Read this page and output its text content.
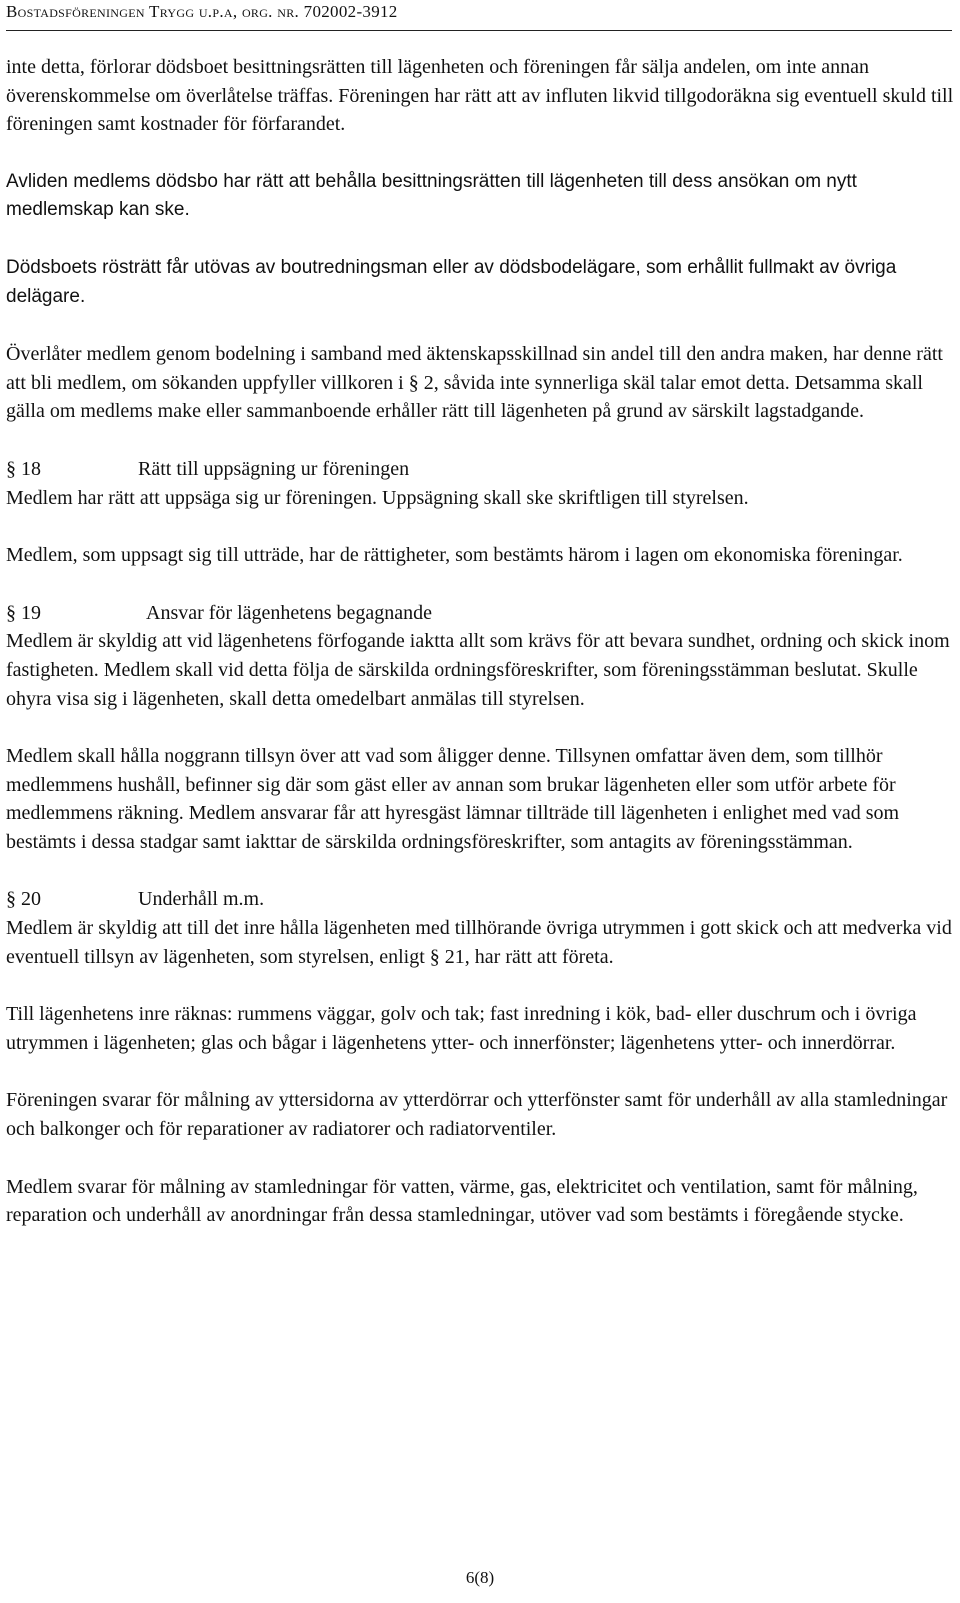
Bostadsföreningen Trygg u.p.a, org. nr. 702002-3912

inte detta, förlorar dödsboet besittningsrätten till lägenheten och föreningen får sälja andelen, om inte annan överenskommelse om överlåtelse träffas. Föreningen har rätt att av influten likvid tillgodoräkna sig eventuell skuld till föreningen samt kostnader för förfarandet.

Avliden medlems dödsbo har rätt att behålla besittningsrätten till lägenheten till dess ansökan om nytt medlemskap kan ske.

Dödsboets rösträtt får utövas av boutredningsman eller av dödsbodelägare, som erhållit fullmakt av övriga delägare.

Överlåter medlem genom bodelning i samband med äktenskapsskillnad sin andel till den andra maken, har denne rätt att bli medlem, om sökanden uppfyller villkoren i § 2, såvida inte synnerliga skäl talar emot detta. Detsamma skall gälla om medlems make eller sammanboende erhåller rätt till lägenheten på grund av särskilt lagstadgande.

§ 18	Rätt till uppsägning ur föreningen

Medlem har rätt att uppsäga sig ur föreningen. Uppsägning skall ske skriftligen till styrelsen.

Medlem, som uppsagt sig till utträde, har de rättigheter, som bestämts härom i lagen om ekonomiska föreningar.

§ 19	Ansvar för lägenhetens begagnande

Medlem är skyldig att vid lägenhetens förfogande iaktta allt som krävs för att bevara sundhet, ordning och skick inom fastigheten. Medlem skall vid detta följa de särskilda ordningsföreskrifter, som föreningsstämman beslutat. Skulle ohyra visa sig i lägenheten, skall detta omedelbart anmälas till styrelsen.

Medlem skall hålla noggrann tillsyn över att vad som åligger denne. Tillsynen omfattar även dem, som tillhör medlemmens hushåll, befinner sig där som gäst eller av annan som brukar lägenheten eller som utför arbete för medlemmens räkning. Medlem ansvarar får att hyresgäst lämnar tillträde till lägenheten i enlighet med vad som bestämts i dessa stadgar samt iakttar de särskilda ordningsföreskrifter, som antagits av föreningsstämman.

§ 20	Underhåll m.m.

Medlem är skyldig att till det inre hålla lägenheten med tillhörande övriga utrymmen i gott skick och att medverka vid eventuell tillsyn av lägenheten, som styrelsen, enligt § 21, har rätt att företa.

Till lägenhetens inre räknas: rummens väggar, golv och tak; fast inredning i kök, bad- eller duschrum och i övriga utrymmen i lägenheten; glas och bågar i lägenhetens ytter- och innerfönster; lägenhetens ytter- och innerdörrar.

Föreningen svarar för målning av yttersidorna av ytterdörrar och ytterfönster samt för underhåll av alla stamledningar och balkonger och för reparationer av radiatorer och radiatorventiler.

Medlem svarar för målning av stamledningar för vatten, värme, gas, elektricitet och ventilation, samt för målning, reparation och underhåll av anordningar från dessa stamledningar, utöver vad som bestämts i föregående stycke.

6(8)
